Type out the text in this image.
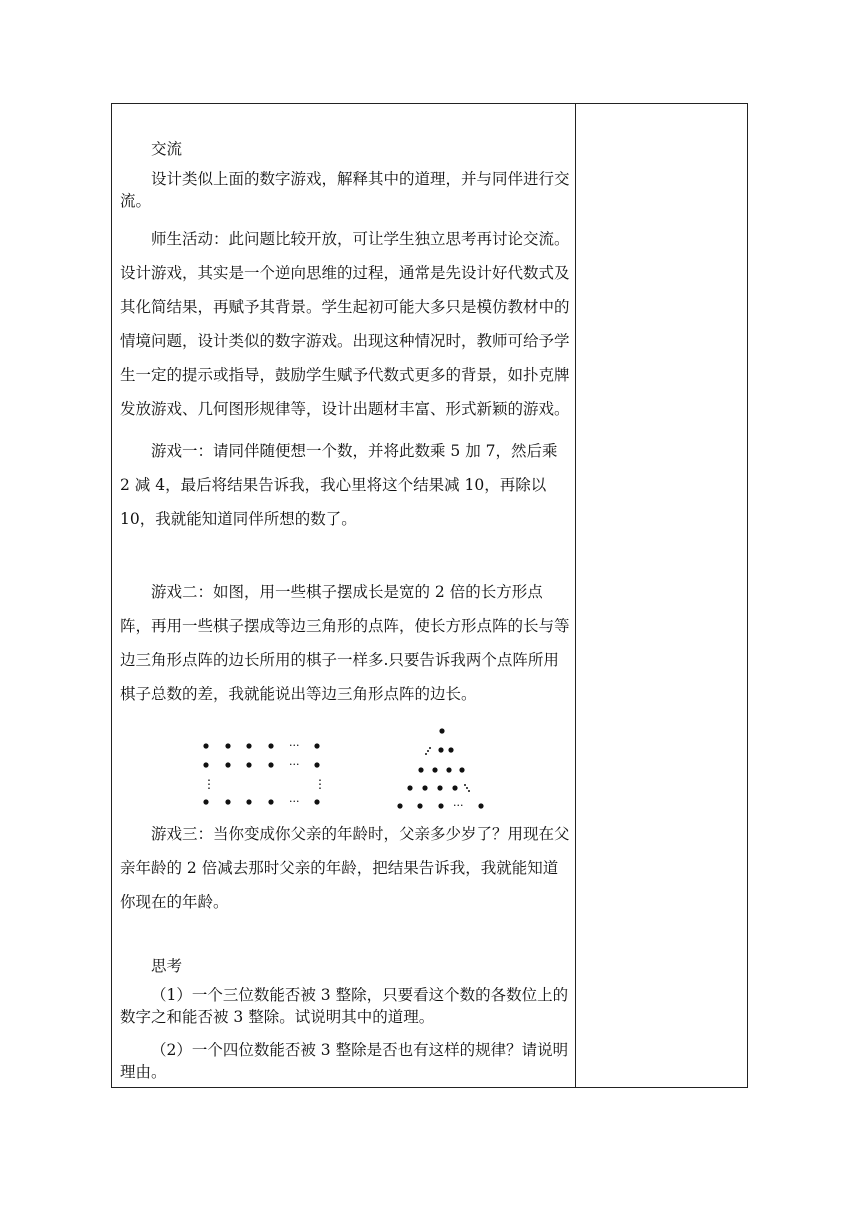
交流
设计类似上面的数字游戏，解释其中的道理，并与同伴进行交流。
师生活动：此问题比较开放，可让学生独立思考再讨论交流。设计游戏，其实是一个逆向思维的过程，通常是先设计好代数式及其化简结果，再赋予其背景。学生起初可能大多只是模仿教材中的情境问题，设计类似的数字游戏。出现这种情况时，教师可给予学生一定的提示或指导，鼓励学生赋予代数式更多的背景，如扑克牌发放游戏、几何图形规律等，设计出题材丰富、形式新颖的游戏。
游戏一：请同伴随便想一个数，并将此数乘 5 加 7，然后乘 2 减 4，最后将结果告诉我，我心里将这个结果减 10，再除以 10，我就能知道同伴所想的数了。
游戏二：如图，用一些棋子摆成长是宽的 2 倍的长方形点阵，再用一些棋子摆成等边三角形的点阵，使长方形点阵的长与等边三角形点阵的边长所用的棋子一样多.只要告诉我两个点阵所用棋子总数的差，我就能说出等边三角形点阵的边长。
···
···
···
⋮	⋮
···
游戏三：当你变成你父亲的年龄时，父亲多少岁了？用现在父亲年龄的 2 倍减去那时父亲的年龄，把结果告诉我，我就能知道你现在的年龄。
思考
（1）一个三位数能否被 3 整除，只要看这个数的各数位上的数字之和能否被 3 整除。试说明其中的道理。
（2）一个四位数能否被 3 整除是否也有这样的规律？请说明理由。
